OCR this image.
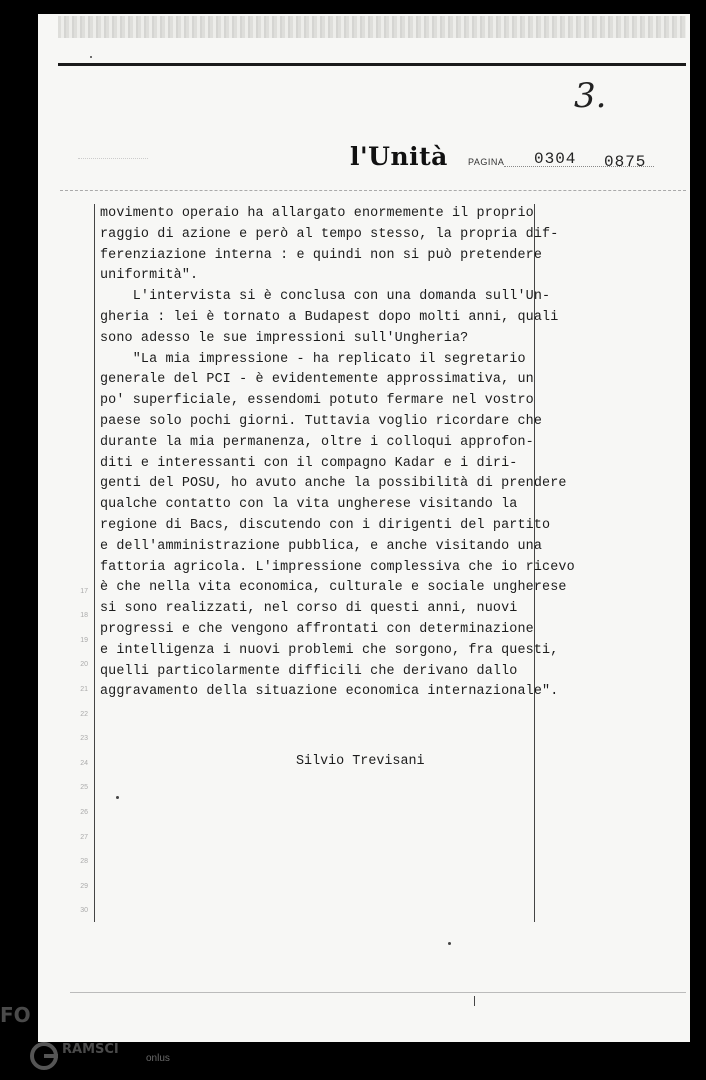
3.
l'Unità PAGINA 0304 0875
17
18
19
20
21
22
23
24
25
26
27
28
29
30
movimento operaio ha allargato enormemente il proprio
raggio di azione e però al tempo stesso, la propria dif-
ferenziazione interna : e quindi non si può pretendere
uniformità".
L'intervista si è conclusa con una domanda sull'Un-
gheria : lei è tornato a Budapest dopo molti anni, quali
sono adesso le sue impressioni sull'Ungheria?
"La mia impressione - ha replicato il segretario
generale del PCI - è evidentemente approssimativa, un
po' superficiale, essendomi potuto fermare nel vostro
paese solo pochi giorni. Tuttavia voglio ricordare che
durante la mia permanenza, oltre i colloqui approfon-
diti e interessanti con il compagno Kadar e i diri-
genti del POSU, ho avuto anche la possibilità di prendere
qualche contatto con la vita ungherese visitando la
regione di Bacs, discutendo con i dirigenti del partito
e dell'amministrazione pubblica, e anche visitando una
fattoria agricola. L'impressione complessiva che io ricevo
è che nella vita economica, culturale e sociale ungherese
si sono realizzati, nel corso di questi anni, nuovi
progressi e che vengono affrontati con determinazione
e intelligenza i nuovi problemi che sorgono, fra questi,
quelli particolarmente difficili che derivano dallo
aggravamento della situazione economica internazionale".
Silvio Trevisani
FO
RAMSCI
onlus
